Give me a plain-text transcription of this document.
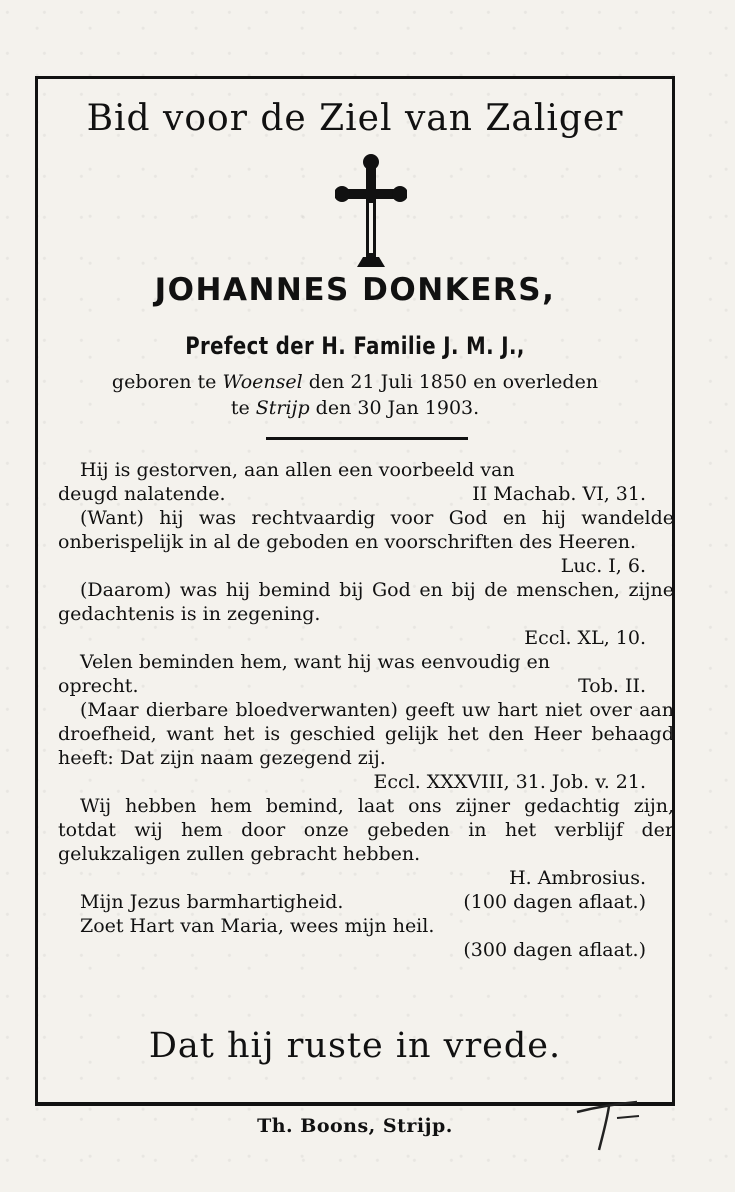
Bid voor de Ziel van Zaliger
JOHANNES DONKERS,
Prefect der H. Familie J. M. J.,
geboren te Woensel den 21 Juli 1850 en overleden
te Strijp den 30 Jan 1903.

Hij is gestorven, aan allen een voorbeeld van

deugd nalatende.	II Machab. VI, 31.

(Want) hij was rechtvaardig voor God en hij wandelde onberispelijk in al de geboden en voorschriften des Heeren.

Luc. I, 6.

(Daarom) was hij bemind bij God en bij de menschen, zijne gedachtenis is in zegening.

Eccl. XL, 10.

Velen beminden hem, want hij was eenvoudig en

oprecht.	Tob. II.

(Maar dierbare bloedverwanten) geeft uw hart niet over aan droefheid, want het is geschied gelijk het den Heer behaagd heeft: Dat zijn naam gezegend zij.

Eccl. XXXVIII, 31. Job. v. 21.

Wij hebben hem bemind, laat ons zijner gedachtig zijn, totdat wij hem door onze gebeden in het verblijf der gelukzaligen zullen gebracht hebben.

H. Ambrosius.

Mijn Jezus barmhartigheid.	(100 dagen aflaat.)

Zoet Hart van Maria, wees mijn heil.

(300 dagen aflaat.)

Dat hij ruste in vrede.
Th. Boons, Strijp.
